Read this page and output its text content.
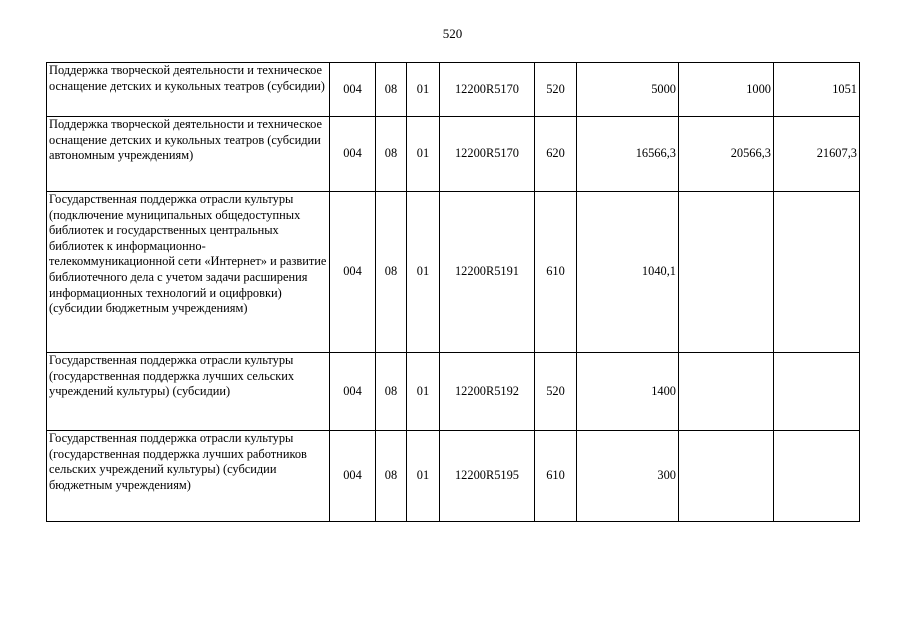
520
Поддержка творческой деятельности и техническое оснащение детских и кукольных театров (субсидии)	004	08	01	12200R5170	520	5000	1000	1051
Поддержка творческой деятельности и техническое оснащение детских и кукольных театров (субсидии автономным учреждениям)	004	08	01	12200R5170	620	16566,3	20566,3	21607,3
Государственная поддержка отрасли культуры (подключение муниципальных общедоступных библиотек и государственных центральных библиотек к информационно-телекоммуникационной сети «Интернет» и развитие библиотечного дела с учетом задачи расширения информационных технологий и оцифровки) (субсидии бюджетным учреждениям)	004	08	01	12200R5191	610	1040,1		
Государственная поддержка отрасли культуры (государственная поддержка лучших сельских учреждений культуры) (субсидии)	004	08	01	12200R5192	520	1400		
Государственная поддержка отрасли культуры (государственная поддержка лучших работников сельских учреждений культуры) (субсидии бюджетным учреждениям)	004	08	01	12200R5195	610	300		
